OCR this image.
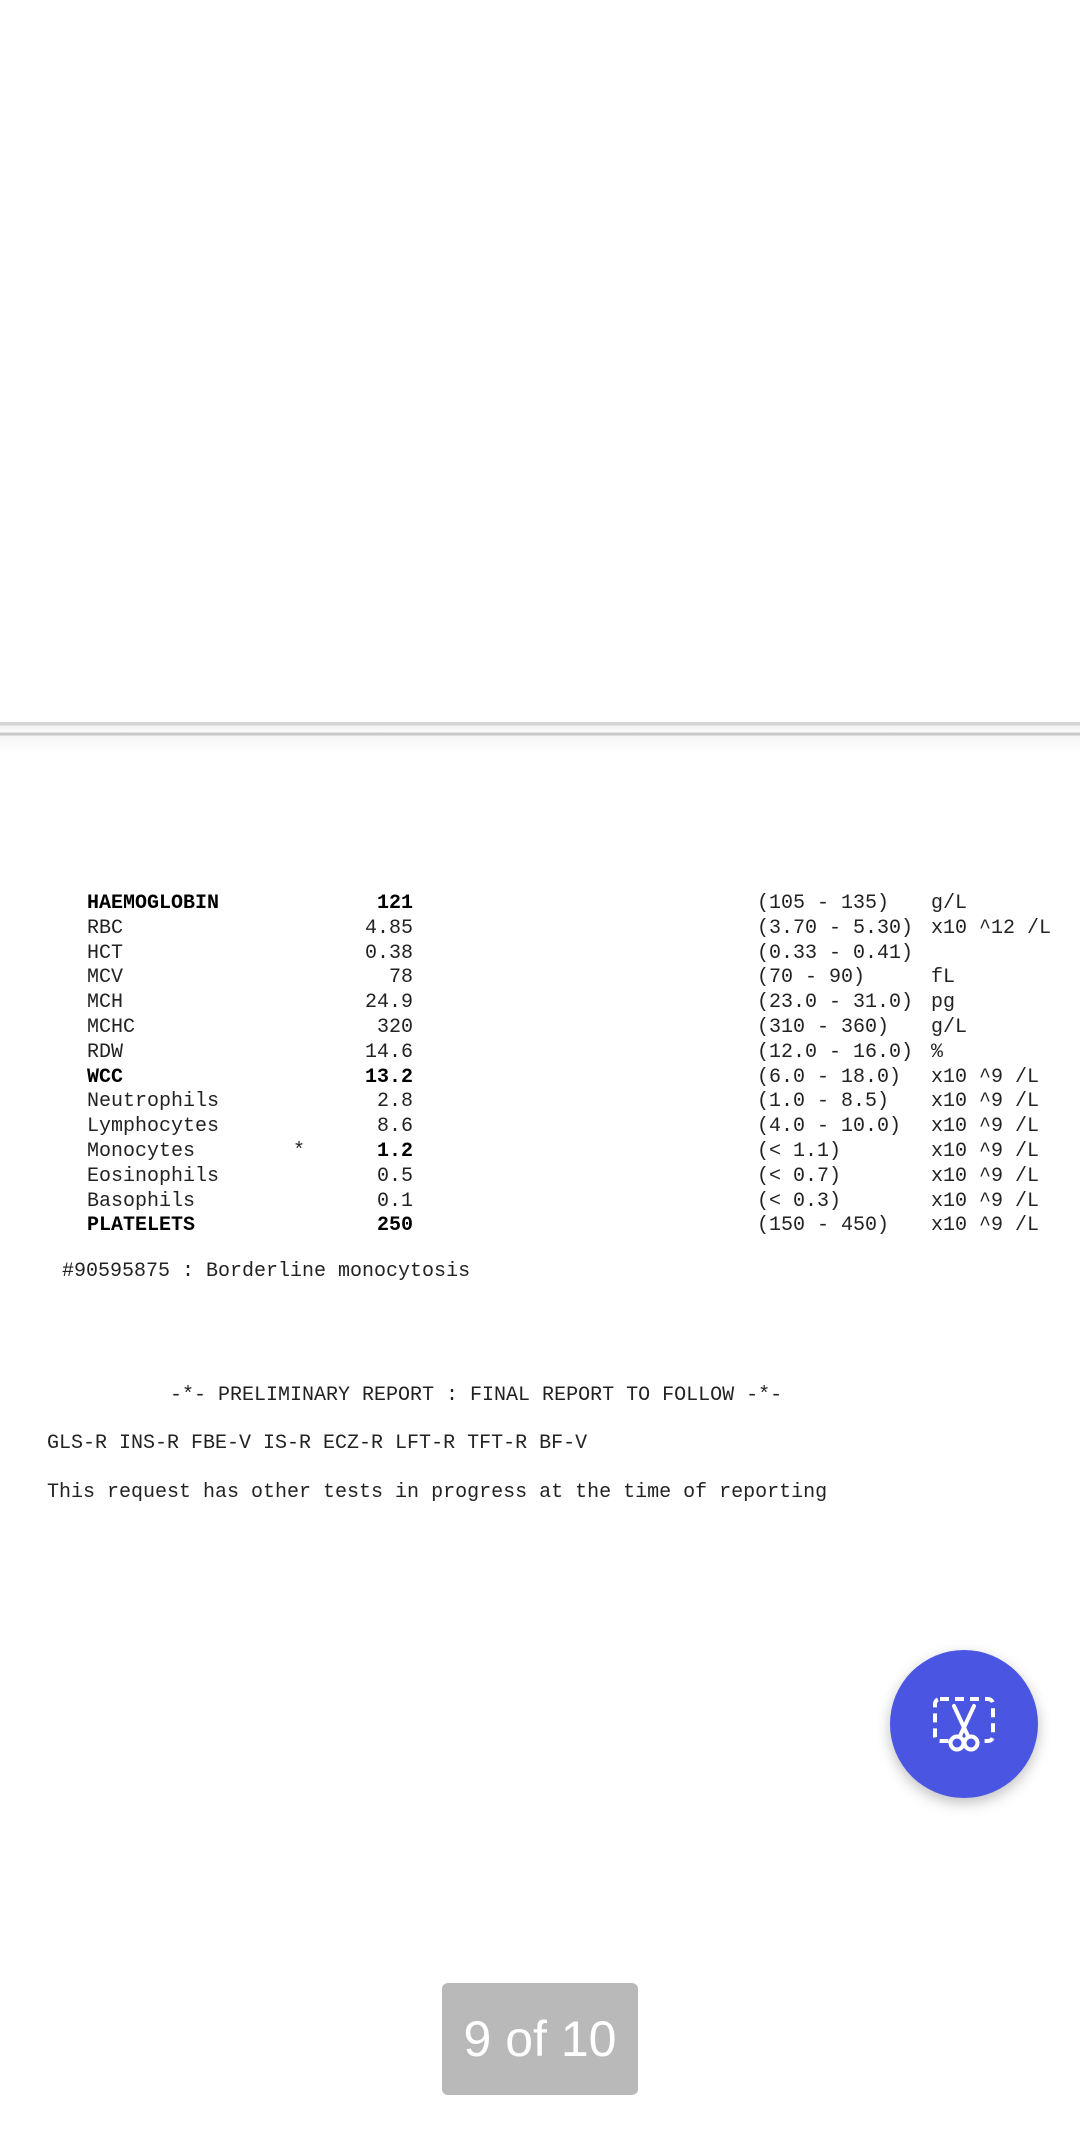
HAEMOGLOBIN	121	(105 - 135) g/L
RBC	4.85	(3.70 - 5.30) x10 ^12 /L
HCT	0.38	(0.33 - 0.41)
MCV	78	(70 - 90)	fL
MCH	24.9	(23.0 - 31.0) pg
MCHC	320	(310 - 360) g/L
RDW	14.6	(12.0 - 16.0) %
WCC	13.2	(6.0 - 18.0) x10 ^9 /L
Neutrophils	2.8	(1.0 - 8.5) x10 ^9 /L
Lymphocytes	8.6	(4.0 - 10.0) x10 ^9 /L
Monocytes	*	1.2	(< 1.1)	x10 ^9 /L
Eosinophils	0.5	(< 0.7)	x10 ^9 /L
Basophils	0.1	(< 0.3)	x10 ^9 /L
PLATELETS	250	(150 - 450) x10 ^9 /L
#90595875 : Borderline monocytosis
-*- PRELIMINARY REPORT : FINAL REPORT TO FOLLOW -*-
GLS-R INS-R FBE-V IS-R ECZ-R LFT-R TFT-R BF-V
This request has other tests in progress at the time of reporting
9 of 10
